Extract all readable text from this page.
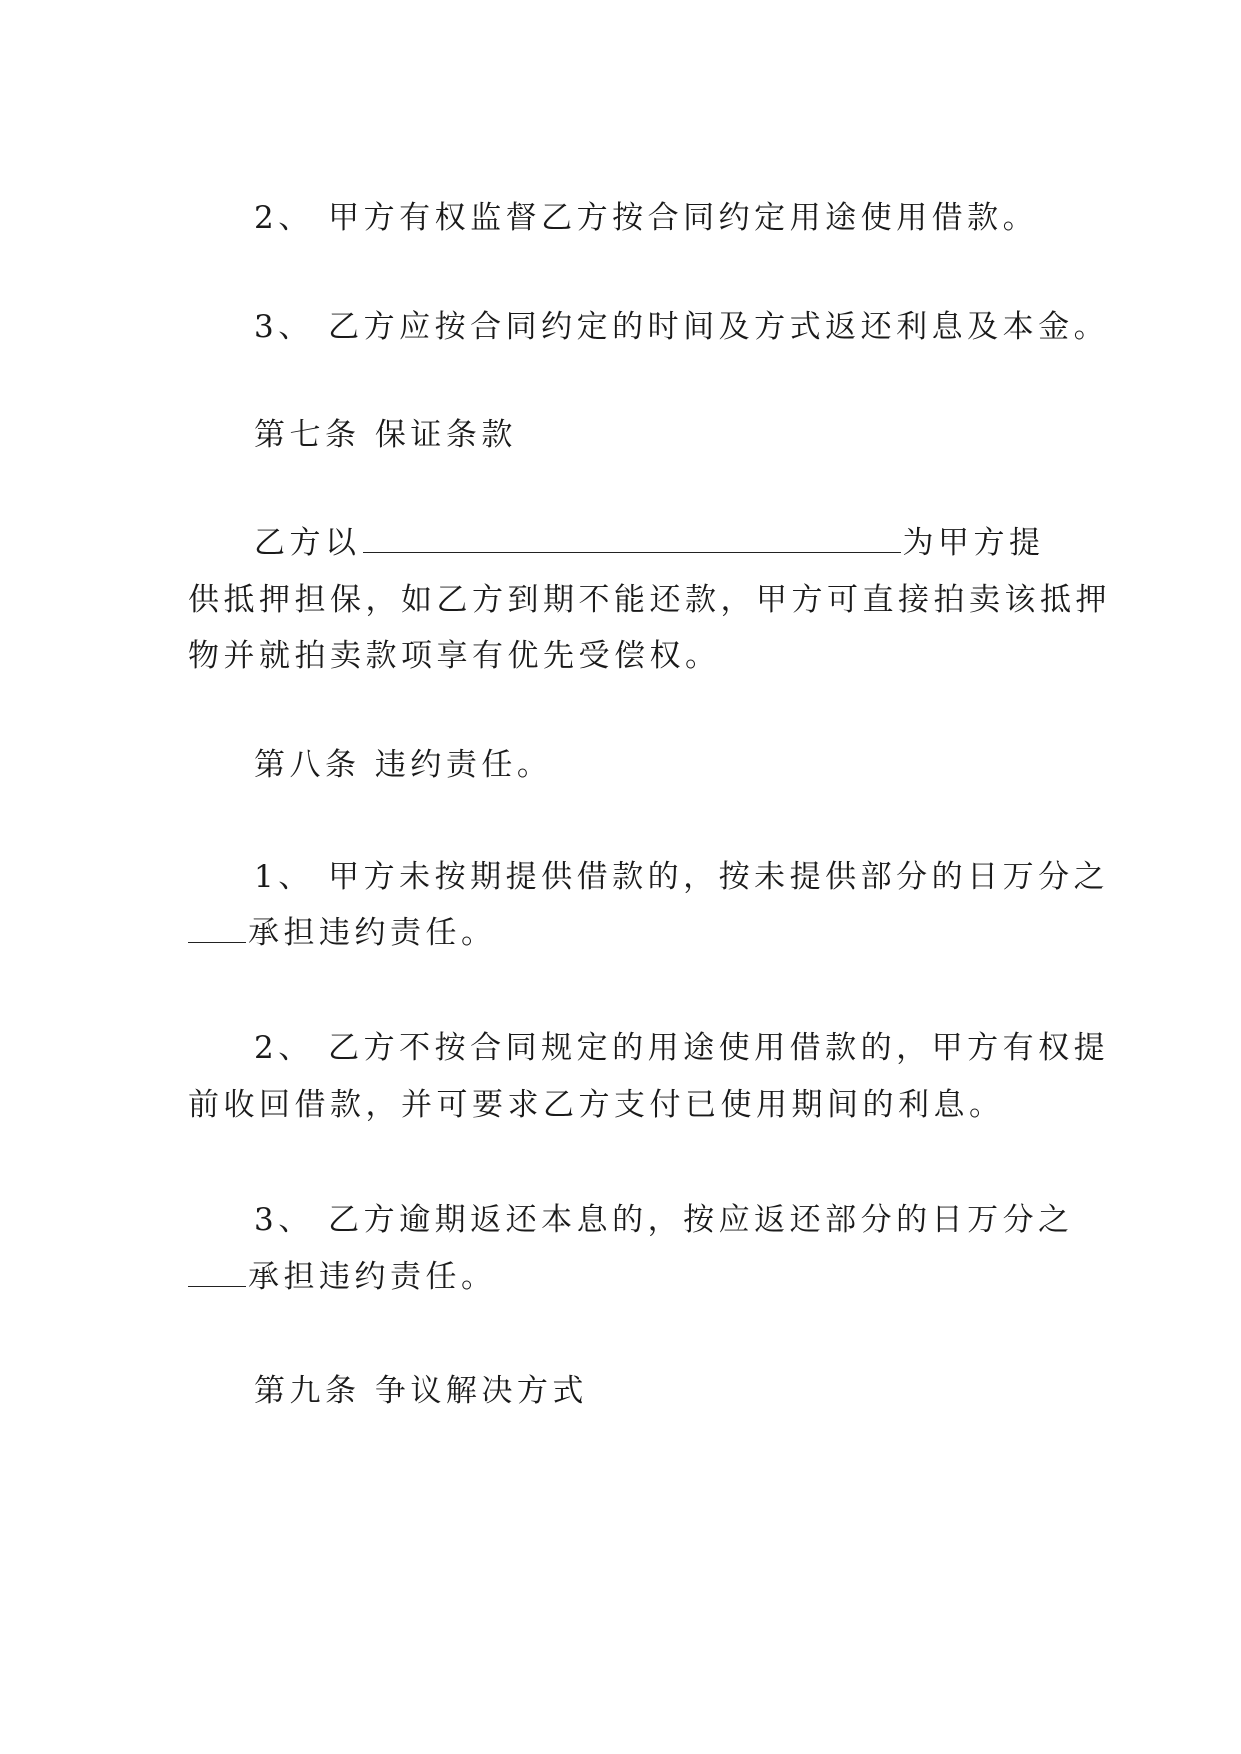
2、 甲方有权监督乙方按合同约定用途使用借款。
3、 乙方应按合同约定的时间及方式返还利息及本金。
第七条 保证条款
乙方以	为甲方提
供抵押担保，如乙方到期不能还款，甲方可直接拍卖该抵押
物并就拍卖款项享有优先受偿权。
第八条 违约责任。
1、 甲方未按期提供借款的，按未提供部分的日万分之
承担违约责任。
2、 乙方不按合同规定的用途使用借款的，甲方有权提
前收回借款，并可要求乙方支付已使用期间的利息。
3、 乙方逾期返还本息的，按应返还部分的日万分之
承担违约责任。
第九条 争议解决方式
